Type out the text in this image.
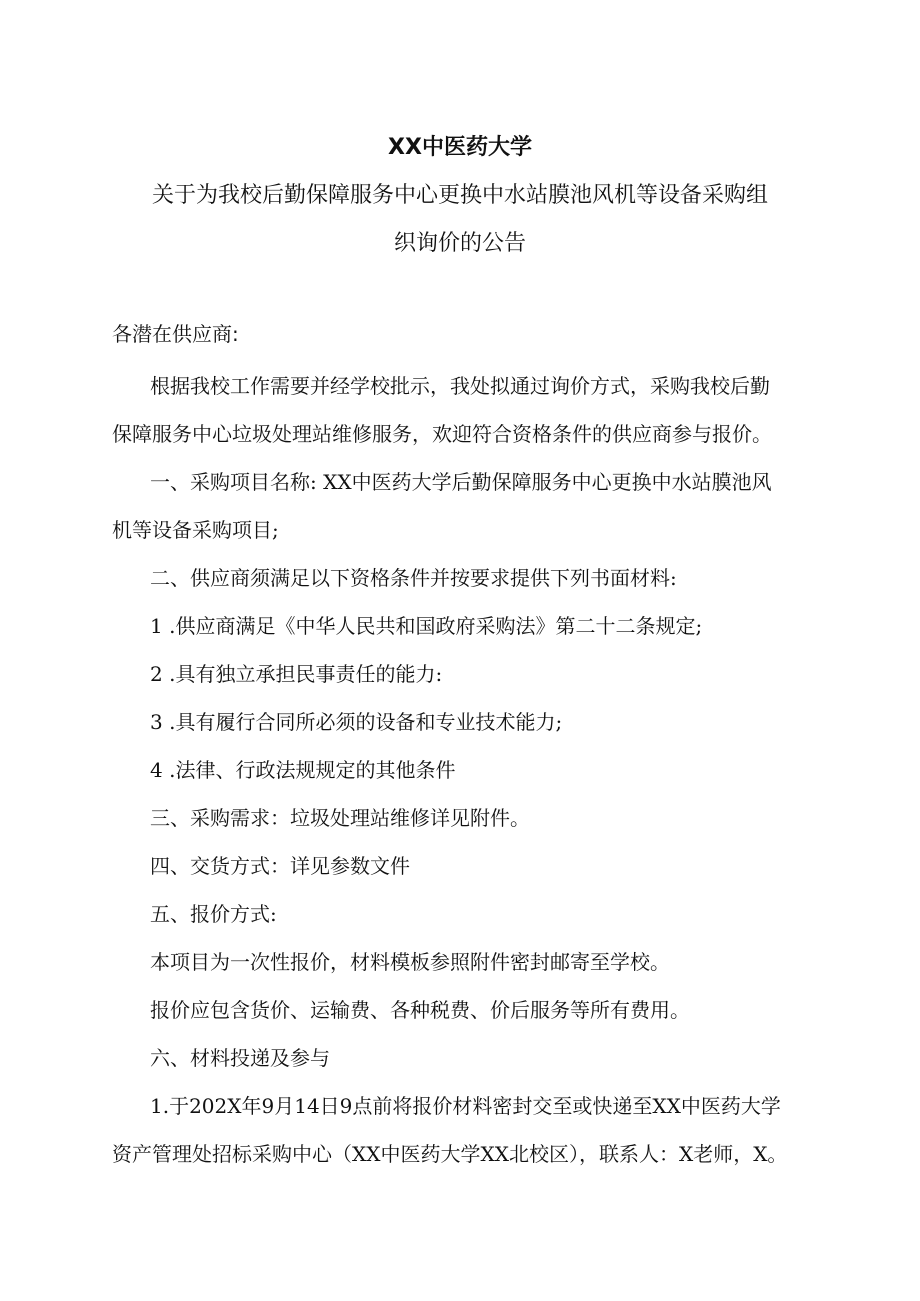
XX中医药大学
关于为我校后勤保障服务中心更换中水站膜池风机等设备采购组
织询价的公告
各潜在供应商:
根据我校工作需要并经学校批示，我处拟通过询价方式，采购我校后勤
保障服务中心垃圾处理站维修服务，欢迎符合资格条件的供应商参与报价。
一、采购项目名称: XX中医药大学后勤保障服务中心更换中水站膜池风
机等设备采购项目;
二、供应商须满足以下资格条件并按要求提供下列书面材料:
1 .供应商满足《中华人民共和国政府采购法》第二十二条规定;
2 .具有独立承担民事责任的能力:
3 .具有履行合同所必须的设备和专业技术能力;
4 .法律、行政法规规定的其他条件
三、采购需求：垃圾处理站维修详见附件。
四、交货方式：详见参数文件
五、报价方式:
本项目为一次性报价，材料模板参照附件密封邮寄至学校。
报价应包含货价、运输费、各种税费、价后服务等所有费用。
六、材料投递及参与
1.于202X年9月14日9点前将报价材料密封交至或快递至XX中医药大学
资产管理处招标采购中心（XX中医药大学XX北校区），联系人：X老师，X。
